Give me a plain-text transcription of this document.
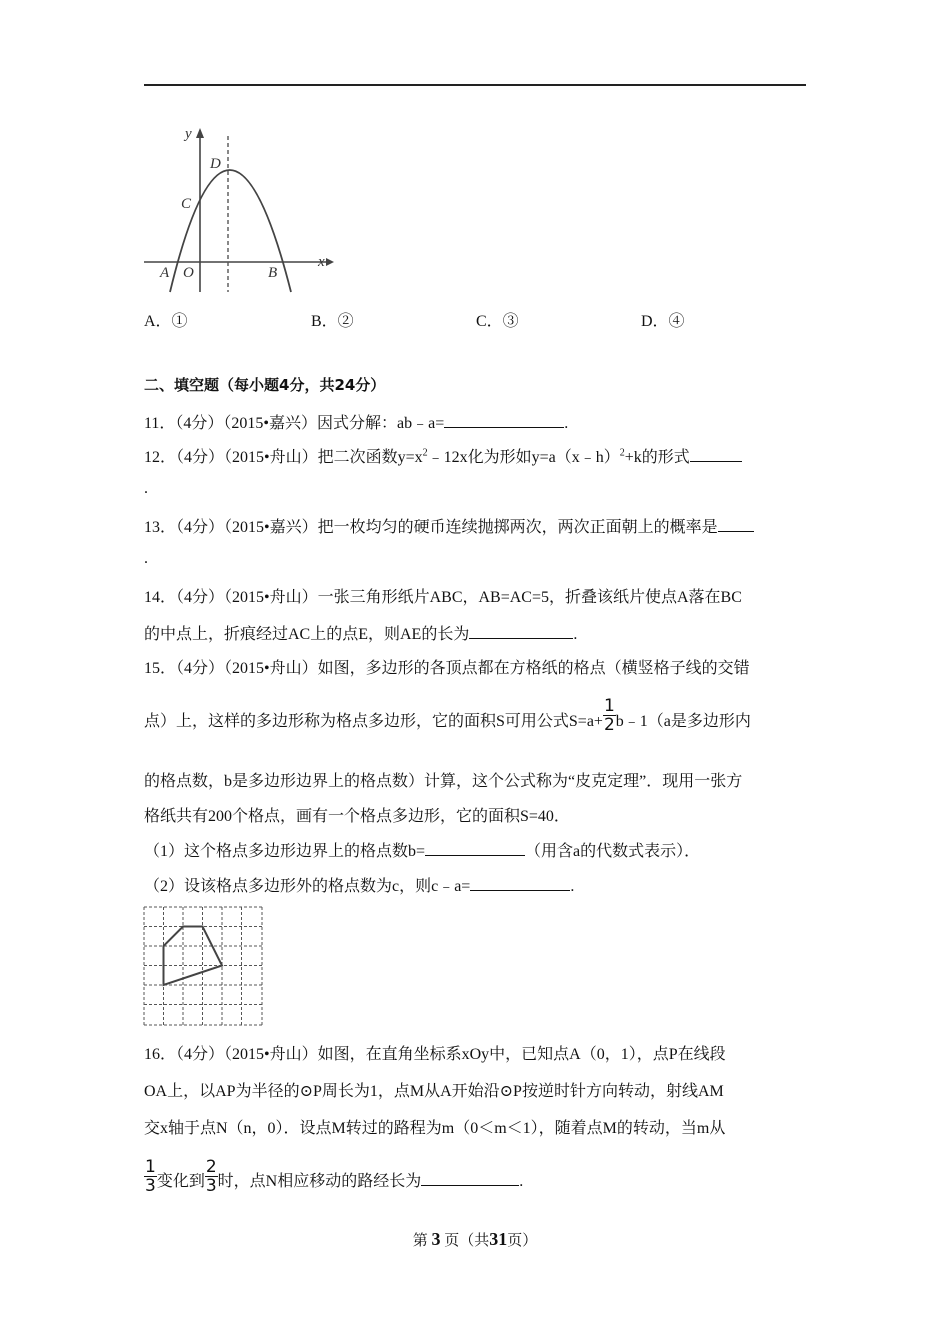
y
x
D
C
A O	B
A．①	B．②	C．③	D．④
二、填空题（每小题4分，共24分）
11．（4分）（2015•嘉兴）因式分解：ab﹣a=	.
12．（4分）（2015•舟山）把二次函数$y=x^2﹣12x$化为形如y=a（x﹣h）$^2$+k的形式
.
13．（4分）（2015•嘉兴）把一枚均匀的硬币连续抛掷两次，两次正面朝上的概率是
.
14．（4分）（2015•舟山）一张三角形纸片ABC，AB=AC=5，折叠该纸片使点A落在BC
的中点上，折痕经过AC上的点E，则AE的长为	.
15．（4分）（2015•舟山）如图，多边形的各顶点都在方格纸的格点（横竖格子线的交错
点）上，这样的多边形称为格点多边形，它的面积S可用公式$S=a+ \frac{1}{2}$ b﹣1（a是多边形内
的格点数，b是多边形边界上的格点数）计算，这个公式称为“皮克定理”．现用一张方
格纸共有200个格点，画有一个格点多边形，它的面积S=40．
（1）这个格点多边形边界上的格点数b=	（用含a的代数式表示）．
（2）设该格点多边形外的格点数为c，则c﹣a=	.
16．（4分）（2015•舟山）如图，在直角坐标系xOy中，已知点A（0，1），点P在线段
OA上，以AP为半径的⊙P周长为1，点M从A开始沿⊙P按逆时针方向转动，射线AM
交x轴于点N（n，0）．设点M转过的路程为m（0＜m＜1），随着点M的转动，当m从
$\frac{1}{3}$ 变化到 $\frac{2}{3}$ 时，点N相应移动的路经长为	.
第 3 页（共31页）
